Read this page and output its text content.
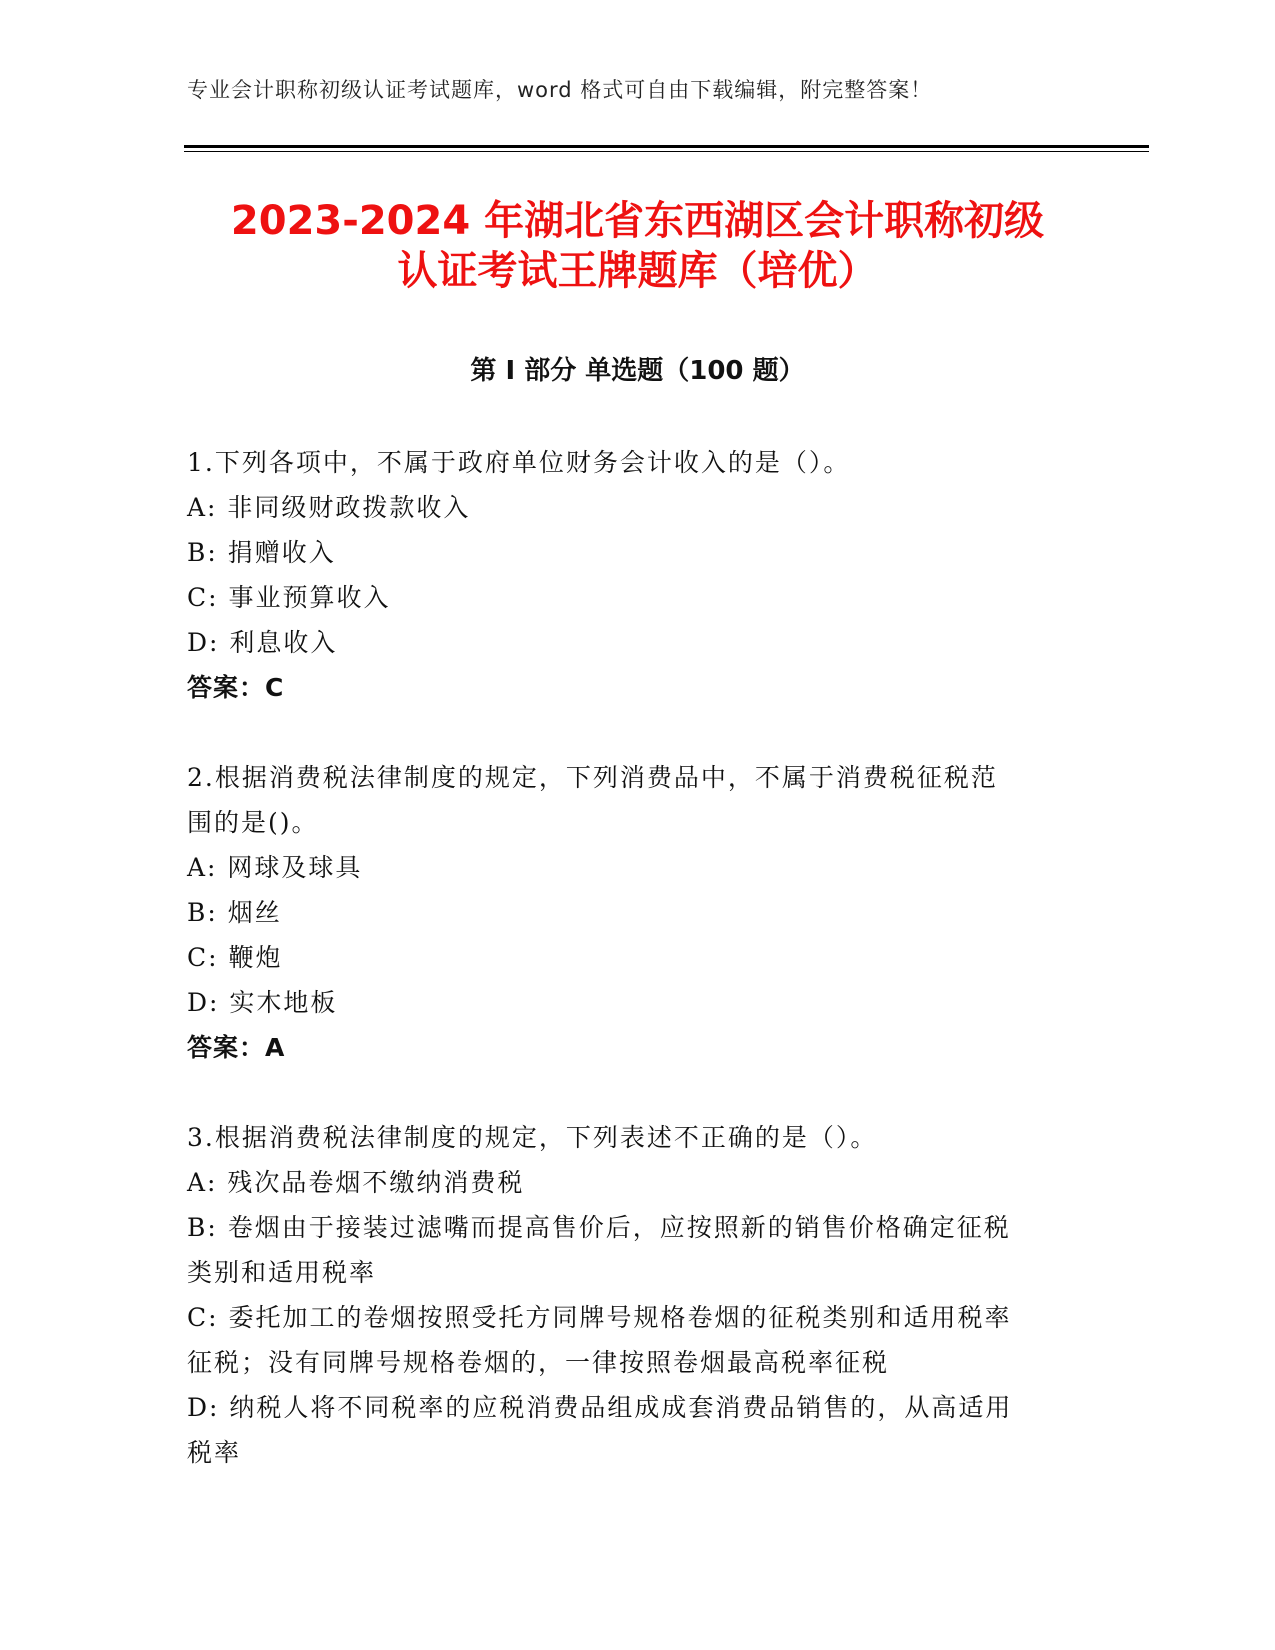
专业会计职称初级认证考试题库，word 格式可自由下载编辑，附完整答案！
2023-2024 年湖北省东西湖区会计职称初级
认证考试王牌题库（培优）
第 I 部分 单选题（100 题）
1.下列各项中，不属于政府单位财务会计收入的是（）。
A: 非同级财政拨款收入
B: 捐赠收入
C: 事业预算收入
D: 利息收入
答案：C
2.根据消费税法律制度的规定，下列消费品中，不属于消费税征税范
围的是()。
A: 网球及球具
B: 烟丝
C: 鞭炮
D: 实木地板
答案：A
3.根据消费税法律制度的规定，下列表述不正确的是（）。
A: 残次品卷烟不缴纳消费税
B: 卷烟由于接装过滤嘴而提高售价后，应按照新的销售价格确定征税
类别和适用税率
C: 委托加工的卷烟按照受托方同牌号规格卷烟的征税类别和适用税率
征税；没有同牌号规格卷烟的，一律按照卷烟最高税率征税
D: 纳税人将不同税率的应税消费品组成成套消费品销售的，从高适用
税率
